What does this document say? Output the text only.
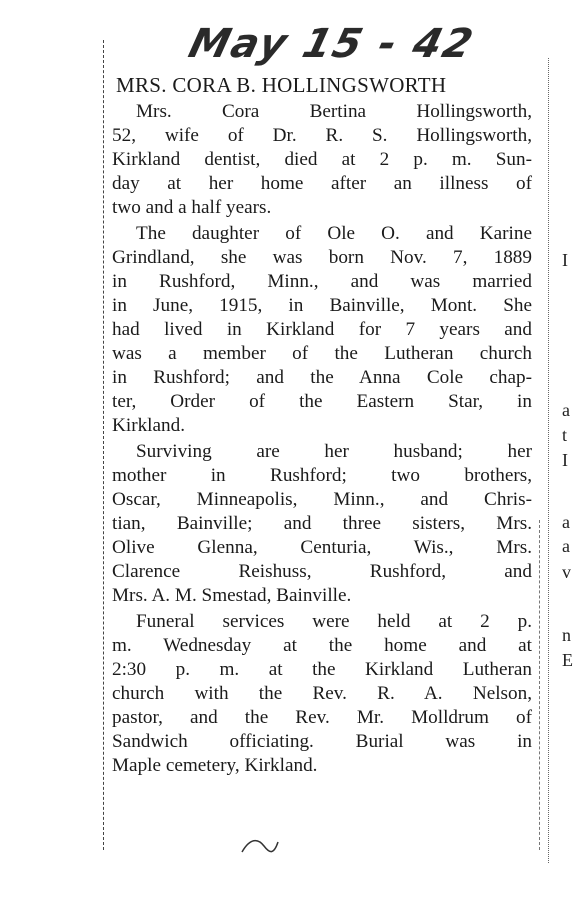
May 15 - 42
MRS. CORA B. HOLLINGSWORTH
Mrs. Cora Bertina Hollingsworth,
52, wife of Dr. R. S. Hollingsworth,
Kirkland dentist, died at 2 p. m. Sun-
day at her home after an illness of
two and a half years.
The daughter of Ole O. and Karine
Grindland, she was born Nov. 7, 1889
in Rushford, Minn., and was married
in June, 1915, in Bainville, Mont. She
had lived in Kirkland for 7 years and
was a member of the Lutheran church
in Rushford; and the Anna Cole chap-
ter, Order of the Eastern Star, in
Kirkland.
Surviving are her husband; her
mother in Rushford; two brothers,
Oscar, Minneapolis, Minn., and Chris-
tian, Bainville; and three sisters, Mrs.
Olive Glenna, Centuria, Wis., Mrs.
Clarence Reishuss, Rushford, and
Mrs. A. M. Smestad, Bainville.
Funeral services were held at 2 p.
m. Wednesday at the home and at
2:30 p. m. at the Kirkland Lutheran
church with the Rev. R. A. Nelson,
pastor, and the Rev. Mr. Molldrum of
Sandwich officiating. Burial was in
Maple cemetery, Kirkland.
I
a
t
I
a
a
v
n
E
